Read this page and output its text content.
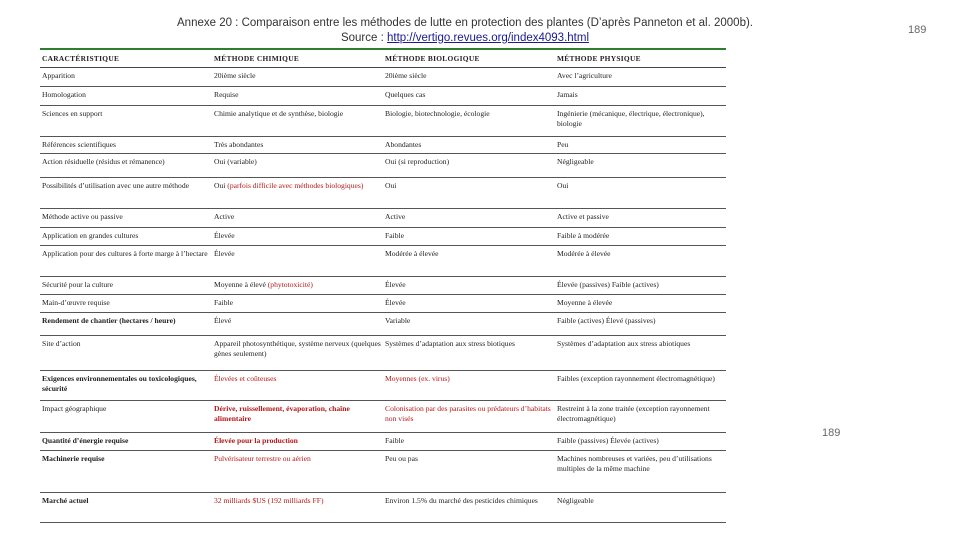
Annexe 20 : Comparaison entre les méthodes de lutte en protection des plantes (D’après Panneton et al. 2000b).
Source : http://vertigo.revues.org/index4093.html
189
189
CARACTÉRISTIQUE	MÉTHODE CHIMIQUE	MÉTHODE BIOLOGIQUE	MÉTHODE PHYSIQUE
Apparition	20ième siècle	20ième siècle	Avec l’agriculture
Homologation	Requise	Quelques cas	Jamais
Sciences en support	Chimie analytique et de synthèse, biologie	Biologie, biotechnologie, écologie	Ingénierie (mécanique, électrique, électronique), biologie
Références scientifiques	Très abondantes	Abondantes	Peu
Action résiduelle (résidus et rémanence)	Oui (variable)	Oui (si reproduction)	Négligeable
Possibilités d’utilisation avec une autre méthode	Oui (parfois difficile avec méthodes biologiques)	Oui	Oui
Méthode active ou passive	Active	Active	Active et passive
Application en grandes cultures	Élevée	Faible	Faible à modérée
Application pour des cultures à forte marge à l’hectare	Élevée	Modérée à élevée	Modérée à élevée
Sécurité pour la culture	Moyenne à élevé (phytotoxicité)	Élevée	Élevée (passives) Faible (actives)
Main-d’œuvre requise	Faible	Élevée	Moyenne à élevée
Rendement de chantier (hectares / heure)	Élevé	Variable	Faible (actives) Élevé (passives)
Site d’action	Appareil photosynthétique, système nerveux (quelques gènes seulement)	Systèmes d’adaptation aux stress biotiques	Systèmes d’adaptation aux stress abiotiques
Exigences environnementales ou toxicologiques, sécurité	Élevées et coûteuses	Moyennes (ex. virus)	Faibles (exception rayonnement électromagnétique)
Impact géographique	Dérive, ruissellement, évaporation, chaîne alimentaire	Colonisation par des parasites ou prédateurs d’habitats non visés	Restreint à la zone traitée (exception rayonnement électromagnétique)
Quantité d’énergie requise	Élevée pour la production	Faible	Faible (passives) Élevée (actives)
Machinerie requise	Pulvérisateur terrestre ou aérien	Peu ou pas	Machines nombreuses et variées, peu d’utilisations multiples de la même machine
Marché actuel	32 milliards $US (192 milliards FF)	Environ 1.5% du marché des pesticides chimiques	Négligeable
